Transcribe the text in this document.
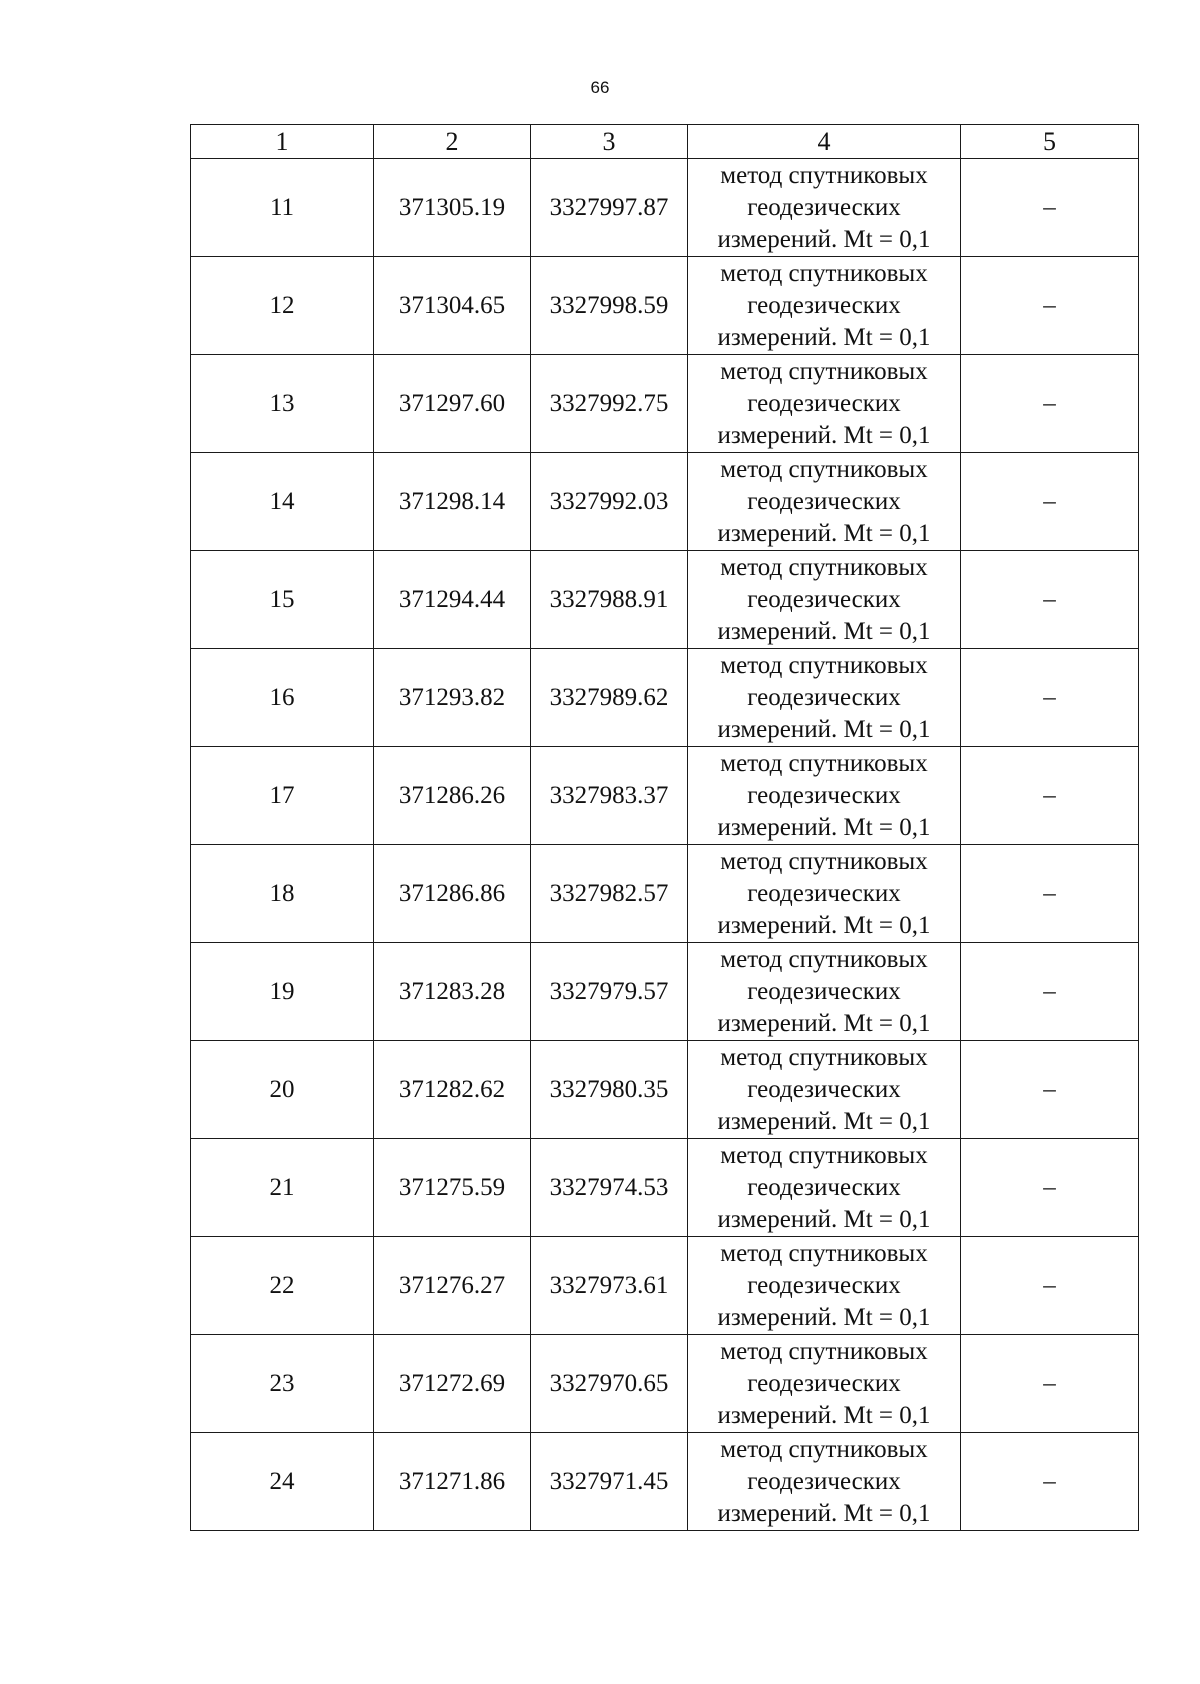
66
1	2	3	4	5
11	371305.19	3327997.87	метод спутниковых
геодезических
измерений. Mt = 0,1	–
12	371304.65	3327998.59	метод спутниковых
геодезических
измерений. Mt = 0,1	–
13	371297.60	3327992.75	метод спутниковых
геодезических
измерений. Mt = 0,1	–
14	371298.14	3327992.03	метод спутниковых
геодезических
измерений. Mt = 0,1	–
15	371294.44	3327988.91	метод спутниковых
геодезических
измерений. Mt = 0,1	–
16	371293.82	3327989.62	метод спутниковых
геодезических
измерений. Mt = 0,1	–
17	371286.26	3327983.37	метод спутниковых
геодезических
измерений. Mt = 0,1	–
18	371286.86	3327982.57	метод спутниковых
геодезических
измерений. Mt = 0,1	–
19	371283.28	3327979.57	метод спутниковых
геодезических
измерений. Mt = 0,1	–
20	371282.62	3327980.35	метод спутниковых
геодезических
измерений. Mt = 0,1	–
21	371275.59	3327974.53	метод спутниковых
геодезических
измерений. Mt = 0,1	–
22	371276.27	3327973.61	метод спутниковых
геодезических
измерений. Mt = 0,1	–
23	371272.69	3327970.65	метод спутниковых
геодезических
измерений. Mt = 0,1	–
24	371271.86	3327971.45	метод спутниковых
геодезических
измерений. Mt = 0,1	–
